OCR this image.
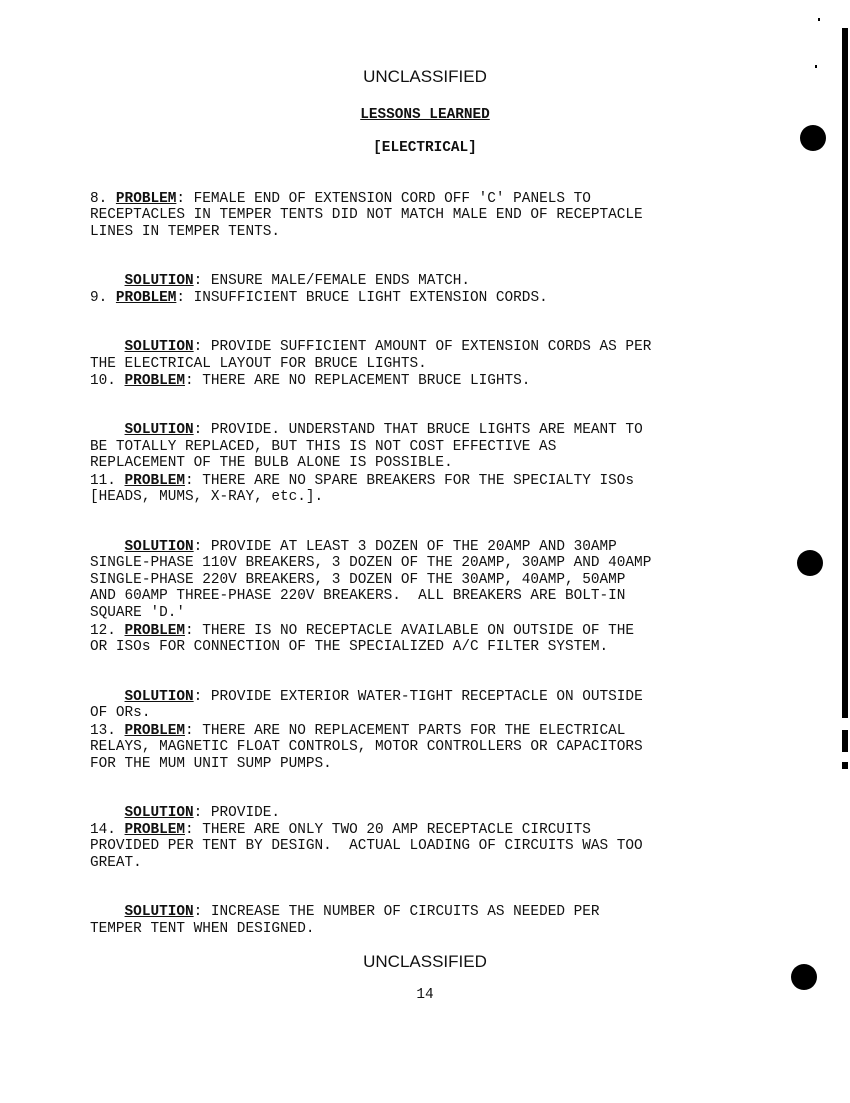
UNCLASSIFIED
LESSONS LEARNED
[ELECTRICAL]

8. PROBLEM: FEMALE END OF EXTENSION CORD OFF 'C' PANELS TO
RECEPTACLES IN TEMPER TENTS DID NOT MATCH MALE END OF RECEPTACLE
LINES IN TEMPER TENTS.

SOLUTION: ENSURE MALE/FEMALE ENDS MATCH.

9. PROBLEM: INSUFFICIENT BRUCE LIGHT EXTENSION CORDS.

SOLUTION: PROVIDE SUFFICIENT AMOUNT OF EXTENSION CORDS AS PER
THE ELECTRICAL LAYOUT FOR BRUCE LIGHTS.

10. PROBLEM: THERE ARE NO REPLACEMENT BRUCE LIGHTS.

SOLUTION: PROVIDE. UNDERSTAND THAT BRUCE LIGHTS ARE MEANT TO
BE TOTALLY REPLACED, BUT THIS IS NOT COST EFFECTIVE AS
REPLACEMENT OF THE BULB ALONE IS POSSIBLE.

11. PROBLEM: THERE ARE NO SPARE BREAKERS FOR THE SPECIALTY ISOs
[HEADS, MUMS, X-RAY, etc.].

SOLUTION: PROVIDE AT LEAST 3 DOZEN OF THE 20AMP AND 30AMP
SINGLE-PHASE 110V BREAKERS, 3 DOZEN OF THE 20AMP, 30AMP AND 40AMP
SINGLE-PHASE 220V BREAKERS, 3 DOZEN OF THE 30AMP, 40AMP, 50AMP
AND 60AMP THREE-PHASE 220V BREAKERS.  ALL BREAKERS ARE BOLT-IN
SQUARE 'D.'

12. PROBLEM: THERE IS NO RECEPTACLE AVAILABLE ON OUTSIDE OF THE
OR ISOs FOR CONNECTION OF THE SPECIALIZED A/C FILTER SYSTEM.

SOLUTION: PROVIDE EXTERIOR WATER-TIGHT RECEPTACLE ON OUTSIDE
OF ORs.

13. PROBLEM: THERE ARE NO REPLACEMENT PARTS FOR THE ELECTRICAL
RELAYS, MAGNETIC FLOAT CONTROLS, MOTOR CONTROLLERS OR CAPACITORS
FOR THE MUM UNIT SUMP PUMPS.

SOLUTION: PROVIDE.

14. PROBLEM: THERE ARE ONLY TWO 20 AMP RECEPTACLE CIRCUITS
PROVIDED PER TENT BY DESIGN.  ACTUAL LOADING OF CIRCUITS WAS TOO
GREAT.

SOLUTION: INCREASE THE NUMBER OF CIRCUITS AS NEEDED PER
TEMPER TENT WHEN DESIGNED.

UNCLASSIFIED
14
